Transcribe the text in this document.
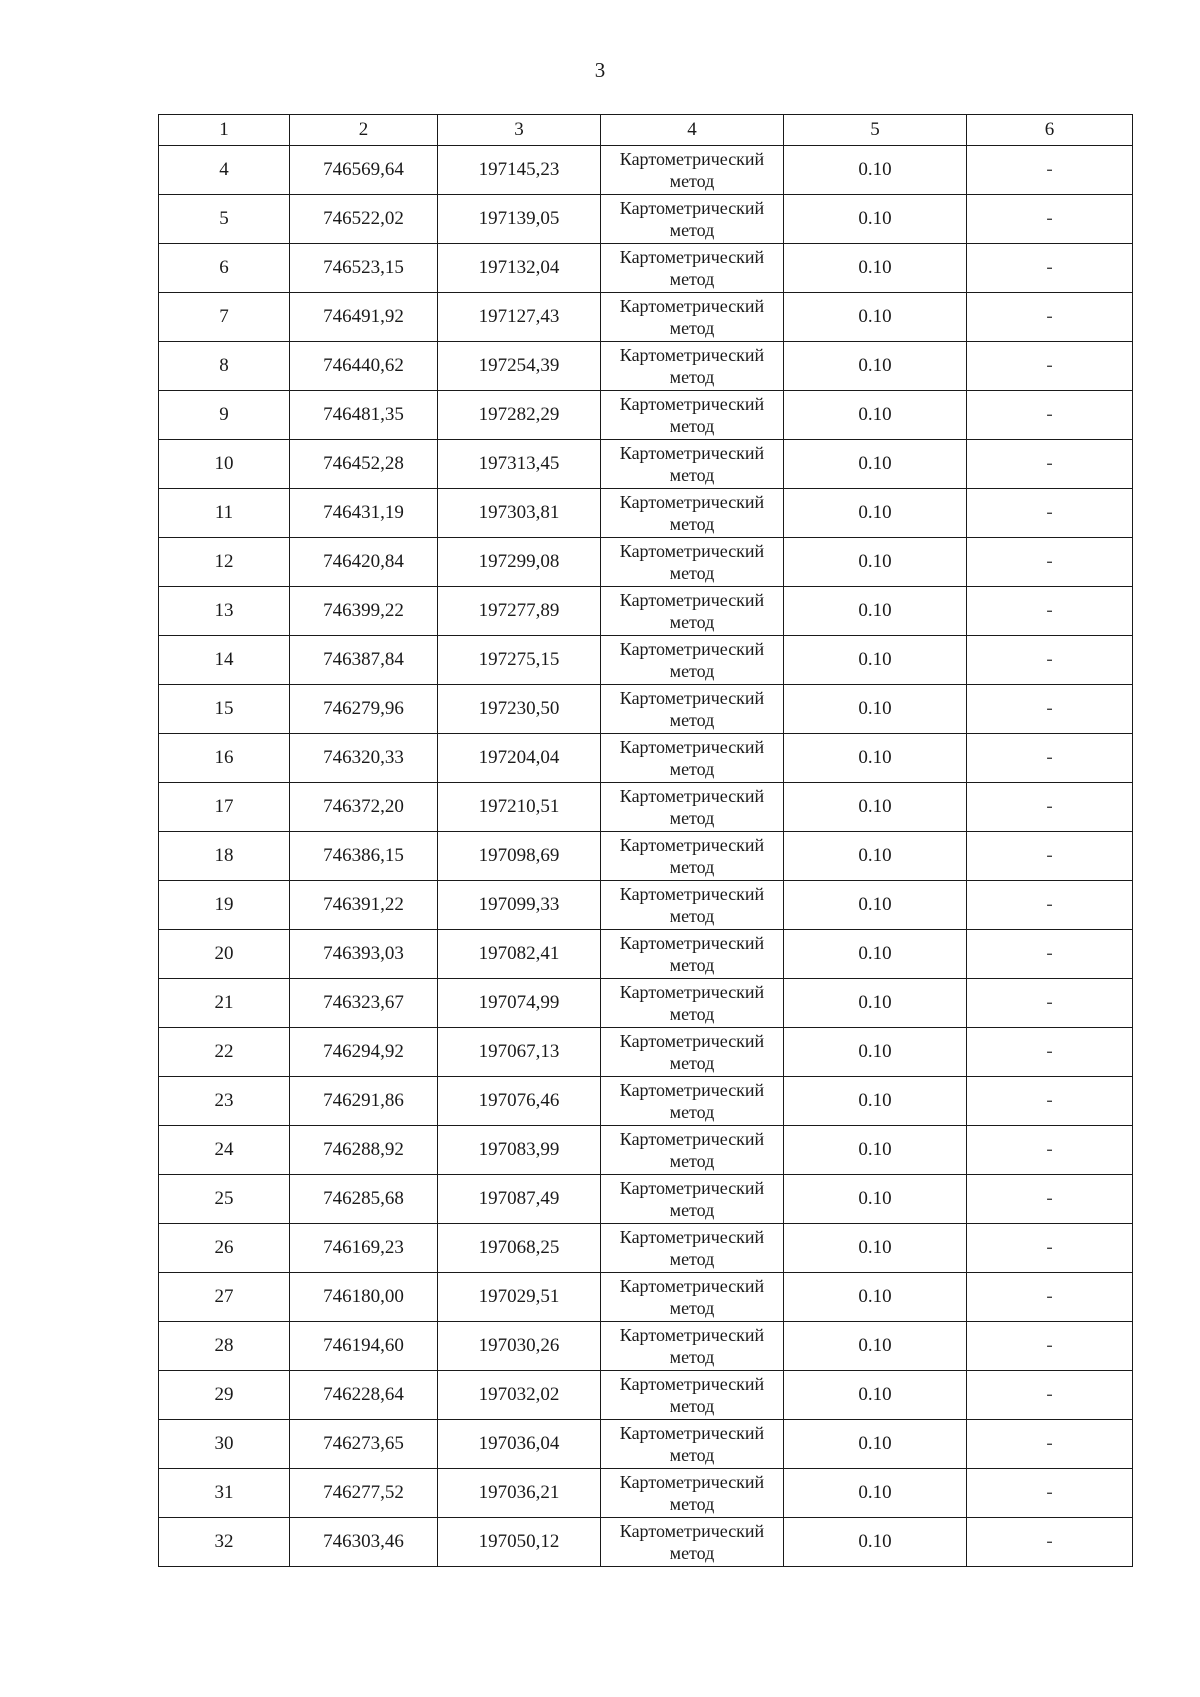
3
1	2	3	4	5	6
4	746569,64	197145,23	Картометрический метод	0.10	-
5	746522,02	197139,05	Картометрический метод	0.10	-
6	746523,15	197132,04	Картометрический метод	0.10	-
7	746491,92	197127,43	Картометрический метод	0.10	-
8	746440,62	197254,39	Картометрический метод	0.10	-
9	746481,35	197282,29	Картометрический метод	0.10	-
10	746452,28	197313,45	Картометрический метод	0.10	-
11	746431,19	197303,81	Картометрический метод	0.10	-
12	746420,84	197299,08	Картометрический метод	0.10	-
13	746399,22	197277,89	Картометрический метод	0.10	-
14	746387,84	197275,15	Картометрический метод	0.10	-
15	746279,96	197230,50	Картометрический метод	0.10	-
16	746320,33	197204,04	Картометрический метод	0.10	-
17	746372,20	197210,51	Картометрический метод	0.10	-
18	746386,15	197098,69	Картометрический метод	0.10	-
19	746391,22	197099,33	Картометрический метод	0.10	-
20	746393,03	197082,41	Картометрический метод	0.10	-
21	746323,67	197074,99	Картометрический метод	0.10	-
22	746294,92	197067,13	Картометрический метод	0.10	-
23	746291,86	197076,46	Картометрический метод	0.10	-
24	746288,92	197083,99	Картометрический метод	0.10	-
25	746285,68	197087,49	Картометрический метод	0.10	-
26	746169,23	197068,25	Картометрический метод	0.10	-
27	746180,00	197029,51	Картометрический метод	0.10	-
28	746194,60	197030,26	Картометрический метод	0.10	-
29	746228,64	197032,02	Картометрический метод	0.10	-
30	746273,65	197036,04	Картометрический метод	0.10	-
31	746277,52	197036,21	Картометрический метод	0.10	-
32	746303,46	197050,12	Картометрический метод	0.10	-
